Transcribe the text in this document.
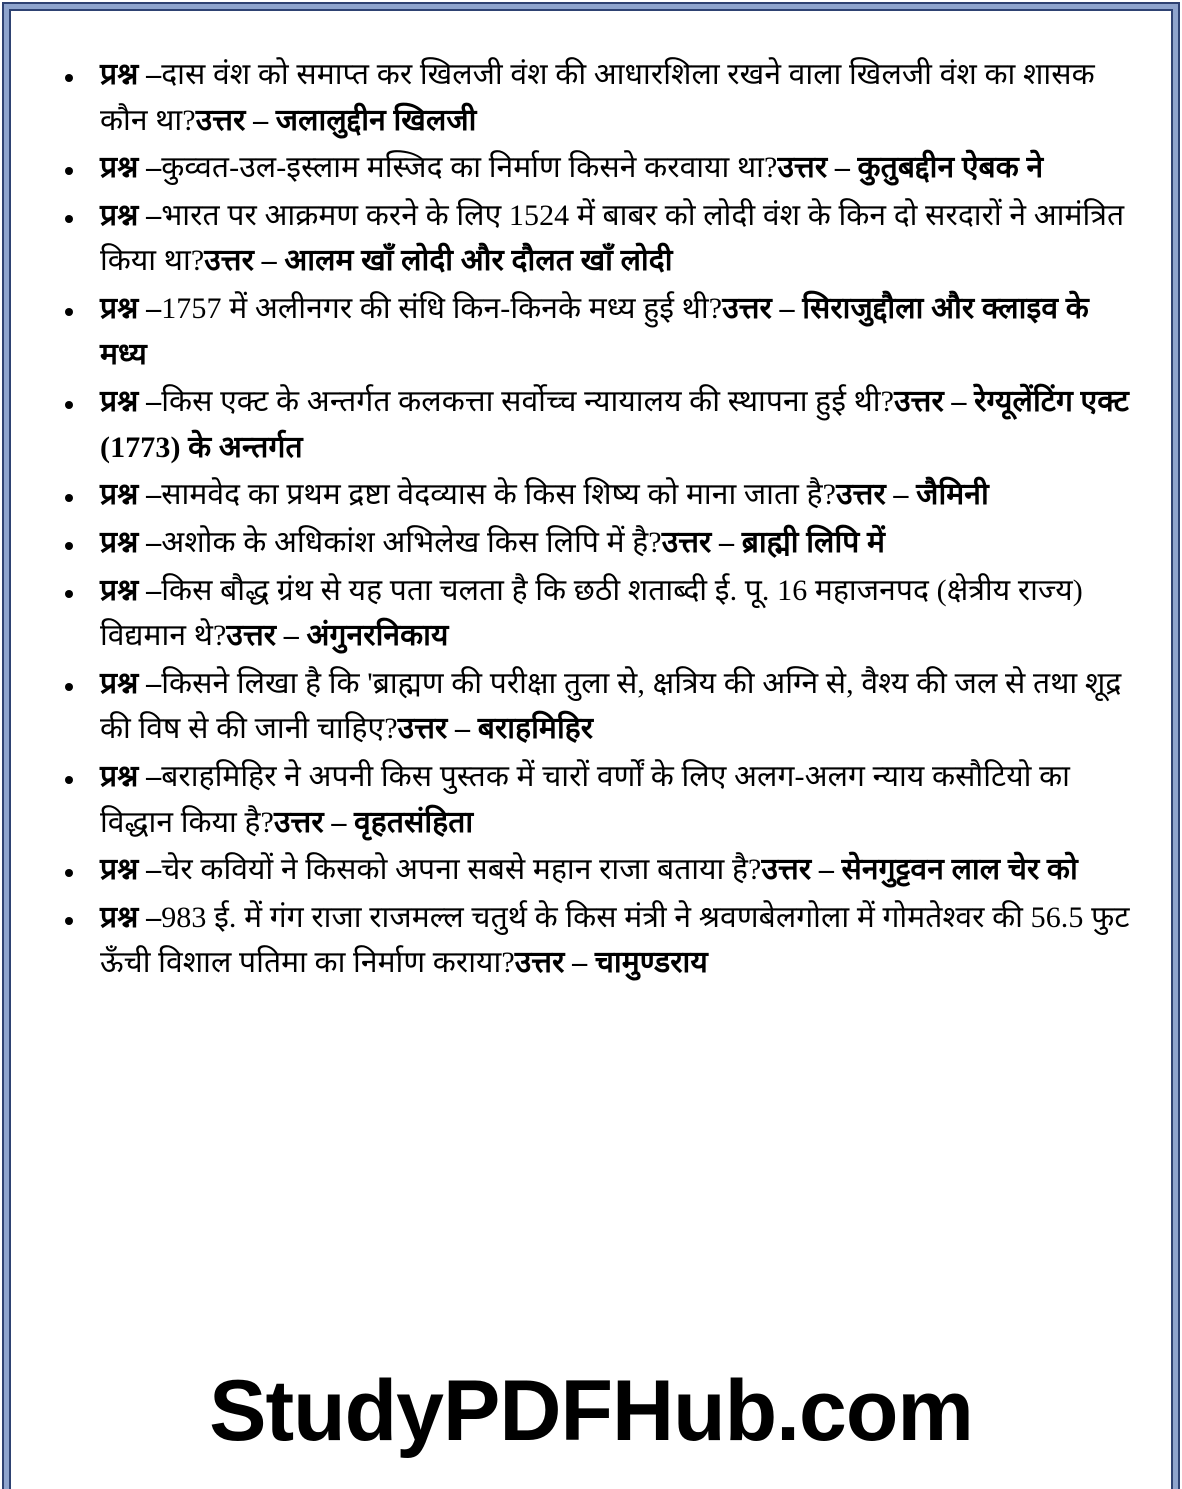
प्रश्न –दास वंश को समाप्त कर खिलजी वंश की आधारशिला रखने वाला खिलजी वंश का शासक कौन था?उत्तर – जलालुद्दीन खिलजी
प्रश्न –कुव्वत-उल-इस्लाम मस्जिद का निर्माण किसने करवाया था?उत्तर – कुतुबद्दीन ऐबक ने
प्रश्न –भारत पर आक्रमण करने के लिए 1524 में बाबर को लोदी वंश के किन दो सरदारों ने आमंत्रित किया था?उत्तर – आलम खाँ लोदी और दौलत खाँ लोदी
प्रश्न –1757 में अलीनगर की संधि किन-किनके मध्य हुई थी?उत्तर – सिराजुद्दौला और क्लाइव के मध्य
प्रश्न –किस एक्ट के अन्तर्गत कलकत्ता सर्वोच्च न्यायालय की स्थापना हुई थी?उत्तर – रेग्यूलेंटिंग एक्ट (1773) के अन्तर्गत
प्रश्न –सामवेद का प्रथम द्रष्टा वेदव्यास के किस शिष्य को माना जाता है?उत्तर – जैमिनी
प्रश्न –अशोक के अधिकांश अभिलेख किस लिपि में है?उत्तर – ब्राह्मी लिपि में
प्रश्न –किस बौद्ध ग्रंथ से यह पता चलता है कि छठी शताब्दी ई. पू. 16 महाजनपद (क्षेत्रीय राज्य) विद्यमान थे?उत्तर – अंगुनरनिकाय
प्रश्न –किसने लिखा है कि 'ब्राह्मण की परीक्षा तुला से, क्षत्रिय की अग्नि से, वैश्य की जल से तथा शूद्र की विष से की जानी चाहिए?उत्तर – बराहमिहिर
प्रश्न –बराहमिहिर ने अपनी किस पुस्तक में चारों वर्णों के लिए अलग-अलग न्याय कसौटियो का विद्धान किया है?उत्तर – वृहतसंहिता
प्रश्न –चेर कवियों ने किसको अपना सबसे महान राजा बताया है?उत्तर – सेनगुट्टवन लाल चेर को
प्रश्न –983 ई. में गंग राजा राजमल्ल चतुर्थ के किस मंत्री ने श्रवणबेलगोला में गोमतेश्वर की 56.5 फुट ऊँची विशाल पतिमा का निर्माण कराया?उत्तर – चामुण्डराय
StudyPDFHub.com
